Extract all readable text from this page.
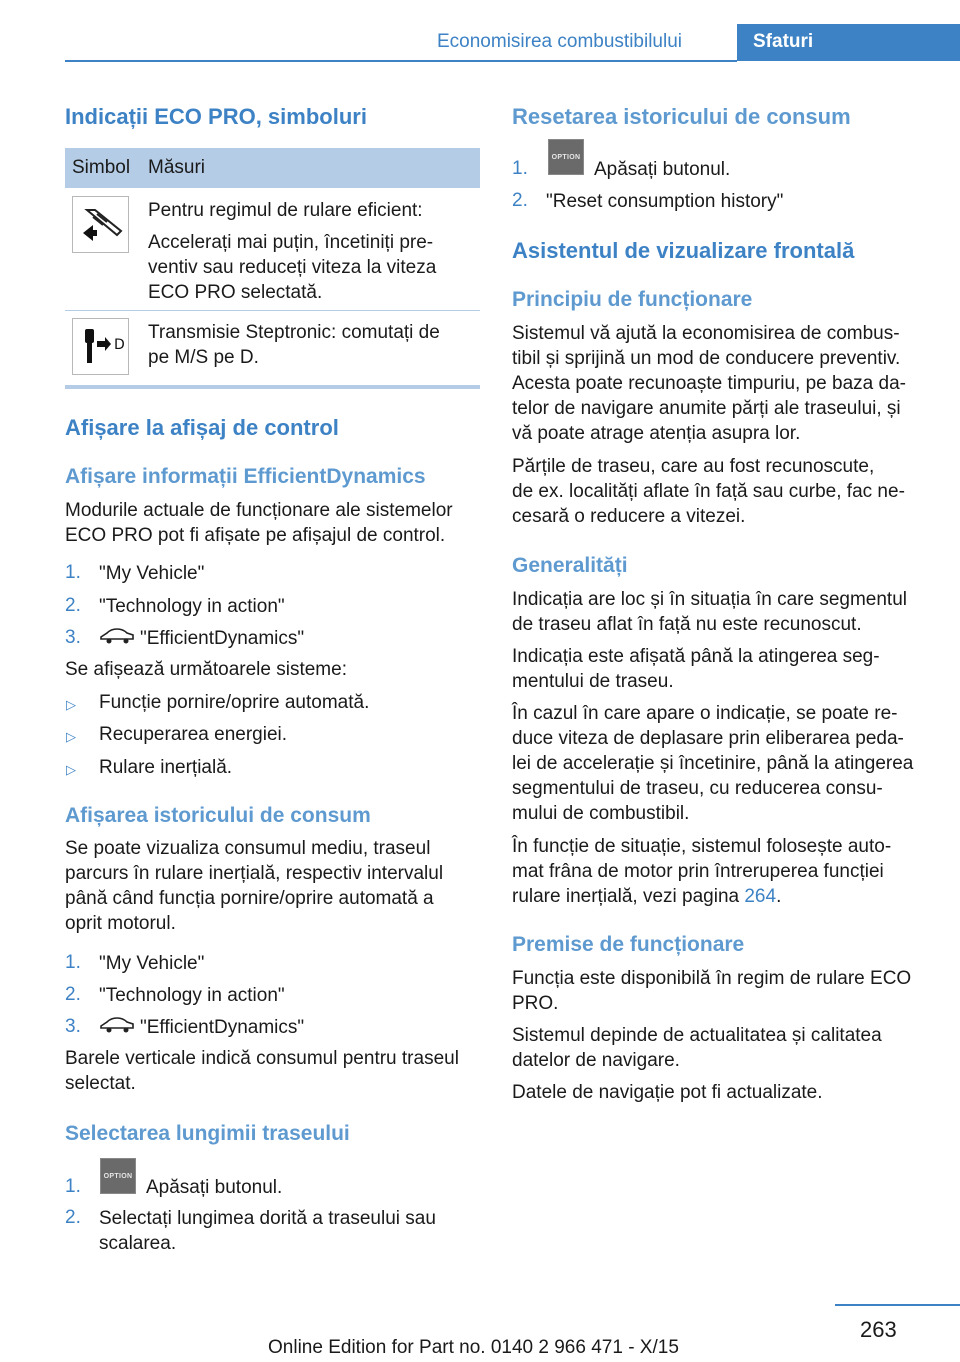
Economisirea combustibilului	Sfaturi
Indicații ECO PRO, simboluri
Simbol Măsuri
Pentru regimul de rulare eficient:
Accelerați mai puțin, încetiniți pre‐
ventiv sau reduceți viteza la viteza
ECO PRO selectată.
D
Transmisie Steptronic: comutați de
pe M/S pe D.
Afișare la afișaj de control
Afișare informații EfficientDynamics
Modurile actuale de funcționare ale sistemelor
ECO PRO pot fi afișate pe afișajul de control.
1. "My Vehicle"
2. "Technology in action"
3.	"EfficientDynamics"
Se afișează următoarele sisteme:
▷ Funcție pornire/oprire automată.
▷ Recuperarea energiei.
▷ Rulare inerțială.
Afișarea istoricului de consum
Se poate vizualiza consumul mediu, traseul
parcurs în rulare inerțială, respectiv intervalul
până când funcția pornire/oprire automată a
oprit motorul.
1. "My Vehicle"
2. "Technology in action"
3.	"EfficientDynamics"
Barele verticale indică consumul pentru traseul
selectat.
Selectarea lungimii traseului
1.	OPTION
Apăsați butonul.
2. Selectați lungimea dorită a traseului sau
scalarea.
Resetarea istoricului de consum
1.
OPTION
Apăsați butonul.
2. "Reset consumption history"
Asistentul de vizualizare frontală
Principiu de funcționare
Sistemul vă ajută la economisirea de combus‐
tibil și sprijină un mod de conducere preventiv.
Acesta poate recunoaște timpuriu, pe baza da‐
telor de navigare anumite părți ale traseului, și
vă poate atrage atenția asupra lor.
Părțile de traseu, care au fost recunoscute,
de ex. localități aflate în față sau curbe, fac ne‐
cesară o reducere a vitezei.
Generalități
Indicația are loc și în situația în care segmentul
de traseu aflat în față nu este recunoscut.
Indicația este afișată până la atingerea seg‐
mentului de traseu.
În cazul în care apare o indicație, se poate re‐
duce viteza de deplasare prin eliberarea peda‐
lei de accelerație și încetinire, până la atingerea
segmentului de traseu, cu reducerea consu‐
mului de combustibil.
În funcție de situație, sistemul folosește auto‐
mat frâna de motor prin întreruperea funcției
rulare inerțială, vezi pagina 264.
Premise de funcționare
Funcția este disponibilă în regim de rulare ECO
PRO.
Sistemul depinde de actualitatea și calitatea
datelor de navigare.
Datele de navigație pot fi actualizate.
263
Online Edition for Part no. 0140 2 966 471 - X/15
